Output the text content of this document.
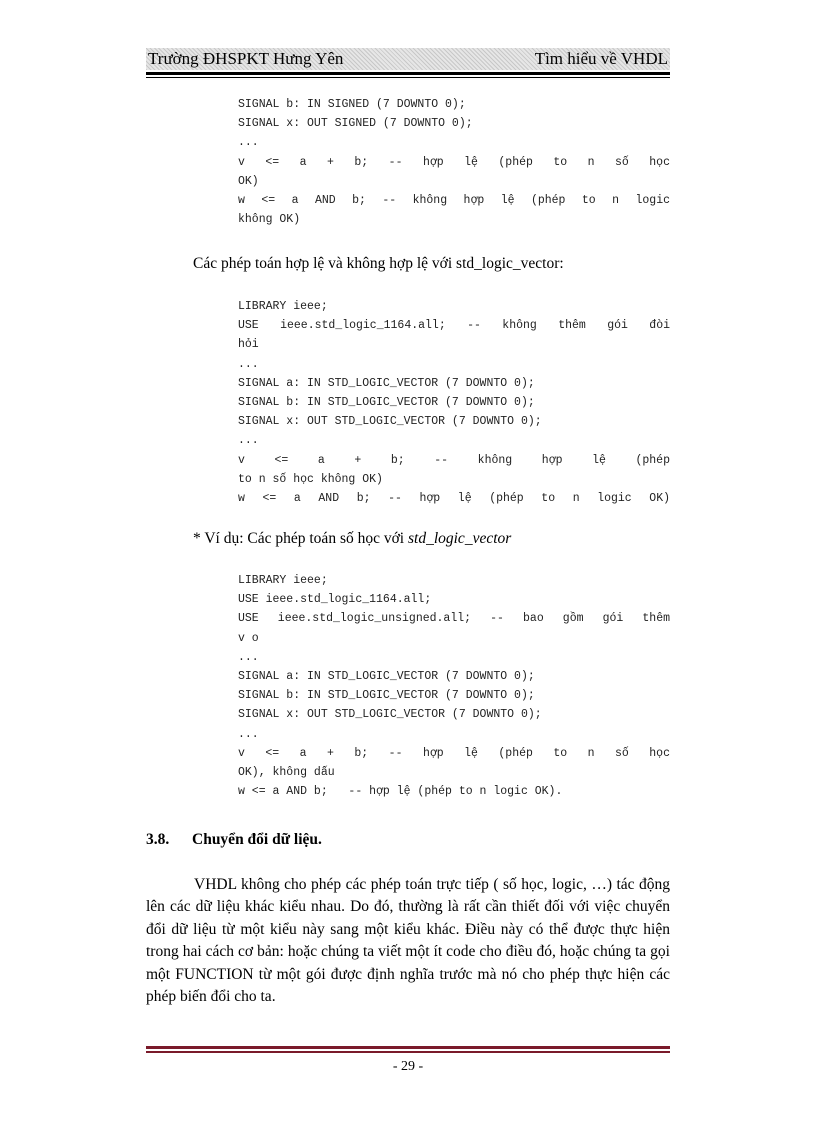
Trường ĐHSPKT Hưng Yên	Tìm hiểu về VHDL
SIGNAL b: IN SIGNED (7 DOWNTO 0);
SIGNAL x: OUT SIGNED (7 DOWNTO 0);
...
v <= a + b; -- hợp lệ (phép to n số học
OK)
w <= a AND b; -- không hợp lệ (phép to n logic
không OK)
Các phép toán hợp lệ và không hợp lệ với std_logic_vector:
LIBRARY ieee;
USE ieee.std_logic_1164.all; -- không thêm gói đòi
hỏi
...
SIGNAL a: IN STD_LOGIC_VECTOR (7 DOWNTO 0);
SIGNAL b: IN STD_LOGIC_VECTOR (7 DOWNTO 0);
SIGNAL x: OUT STD_LOGIC_VECTOR (7 DOWNTO 0);
...
v <= a + b; -- không hợp lệ (phép
to n số học không OK)
w <= a AND b; -- hợp lệ (phép to n logic OK)
* Ví dụ: Các phép toán số học với std_logic_vector
LIBRARY ieee;
USE ieee.std_logic_1164.all;
USE ieee.std_logic_unsigned.all; -- bao gồm gói thêm
v o
...
SIGNAL a: IN STD_LOGIC_VECTOR (7 DOWNTO 0);
SIGNAL b: IN STD_LOGIC_VECTOR (7 DOWNTO 0);
SIGNAL x: OUT STD_LOGIC_VECTOR (7 DOWNTO 0);
...
v <= a + b; -- hợp lệ (phép to n số học
OK), không dấu
w <= a AND b;   -- hợp lệ (phép to n logic OK).
3.8. Chuyển đổi dữ liệu.

VHDL không cho phép các phép toán trực tiếp ( số học, logic, …) tác động lên các dữ liệu khác kiểu nhau. Do đó, thường là rất cần thiết đối với việc chuyển đổi dữ liệu từ một kiểu này sang một kiểu khác. Điều này có thể được thực hiện trong hai cách cơ bản: hoặc chúng ta viết một ít code cho điều đó, hoặc chúng ta gọi một FUNCTION từ một gói được định nghĩa trước mà nó cho phép thực hiện các phép biến đổi cho ta.

- 29 -
